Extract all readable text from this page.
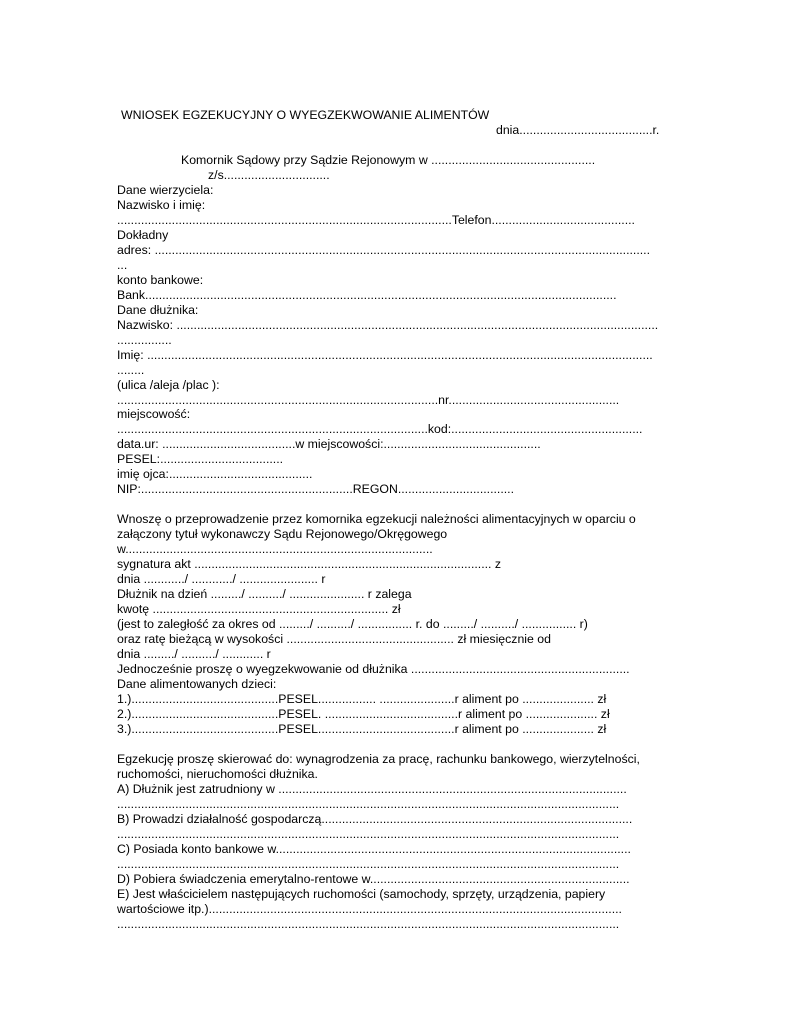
WNIOSEK EGZEKUCYJNY O WYEGZEKWOWANIE ALIMENTÓW
dnia.......................................r.
Komornik Sądowy przy Sądzie Rejonowym w ................................................
z/s...............................
Dane wierzyciela:
Nazwisko i imię:
..................................................................................................Telefon..........................................
Dokładny
adres: .................................................................................................................................................
...
konto bankowe:
Bank..........................................................................................................................................
Dane dłużnika:
Nazwisko: .............................................................................................................................................
................
Imię: ....................................................................................................................................................
........
(ulica /aleja /plac ):
..............................................................................................nr..................................................
miejscowość:
...........................................................................................kod:........................................................
data.ur: .......................................w miejscowości:..............................................
PESEL:....................................
imię ojca:..........................................
NIP:..............................................................REGON..................................
Wnoszę o przeprowadzenie przez komornika egzekucji należności alimentacyjnych w oparciu o
załączony tytuł wykonawczy Sądu Rejonowego/Okręgowego
w..........................................................................................
sygnatura akt ....................................................................................... z
dnia ............/ ............/ ....................... r
Dłużnik na dzień ........./ ........../ ...................... r zalega
kwotę ..................................................................... zł
(jest to zaległość za okres od ........./ ........../ ................ r. do ........./ ........../ ................ r)
oraz ratę bieżącą w wysokości ................................................. zł miesięcznie od
dnia ........./ ........../ ............ r
Jednocześnie proszę o wyegzekwowanie od dłużnika ................................................................
Dane alimentowanych dzieci:
1.)...........................................PESEL................. ......................r aliment po ..................... zł
2.)...........................................PESEL. .......................................r aliment po ..................... zł
3.)...........................................PESEL........................................r aliment po ..................... zł
Egzekucję proszę skierować do: wynagrodzenia za pracę, rachunku bankowego, wierzytelności,
ruchomości, nieruchomości dłużnika.
A) Dłużnik jest zatrudniony w ......................................................................................................
...................................................................................................................................................
B) Prowadzi działalność gospodarczą...........................................................................................
...................................................................................................................................................
C) Posiada konto bankowe w........................................................................................................
...................................................................................................................................................
D) Pobiera świadczenia emerytalno-rentowe w............................................................................
E) Jest właścicielem następujących ruchomości (samochody, sprzęty, urządzenia, papiery
wartościowe itp.).........................................................................................................................
...................................................................................................................................................
